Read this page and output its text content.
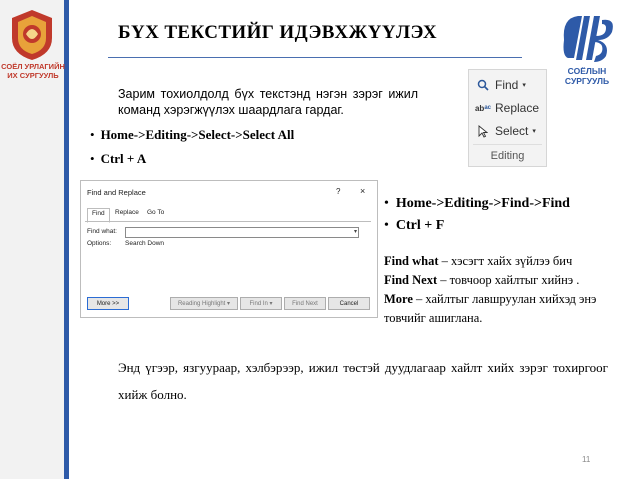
СОЁЛ УРЛАГИЙН ИХ СУРГУУЛЬ
БҮХ ТЕКСТИЙГ ИДЭВХЖҮҮЛЭХ
СОЁЛЫН СУРГУУЛЬ
Зарим тохиолдолд бүх текстэнд нэгэн зэрэг ижил команд хэрэгжүүлэх шаардлага гардаг.
• Home->Editing->Select->Select All
• Ctrl + A
Find ▾
ab ac Replace
Select ▾
Editing
Find and Replace	? ×
Find	Replace	Go To
Find what:	▾
Options: Search Down
More >>	Reading Highlight ▾	Find In ▾	Find Next	Cancel
• Home->Editing->Find->Find
• Ctrl + F
Find what – хэсэгт хайх зүйлээ бич
Find Next – товчоор хайлтыг хийнэ .
More – хайлтыг лавшруулан хийхэд энэ товчийг ашиглана.
Энд үгээр, язгуураар, хэлбэрээр, ижил төстэй дуудлагаар хайлт хийх зэрэг тохиргоог хийж болно.
11
